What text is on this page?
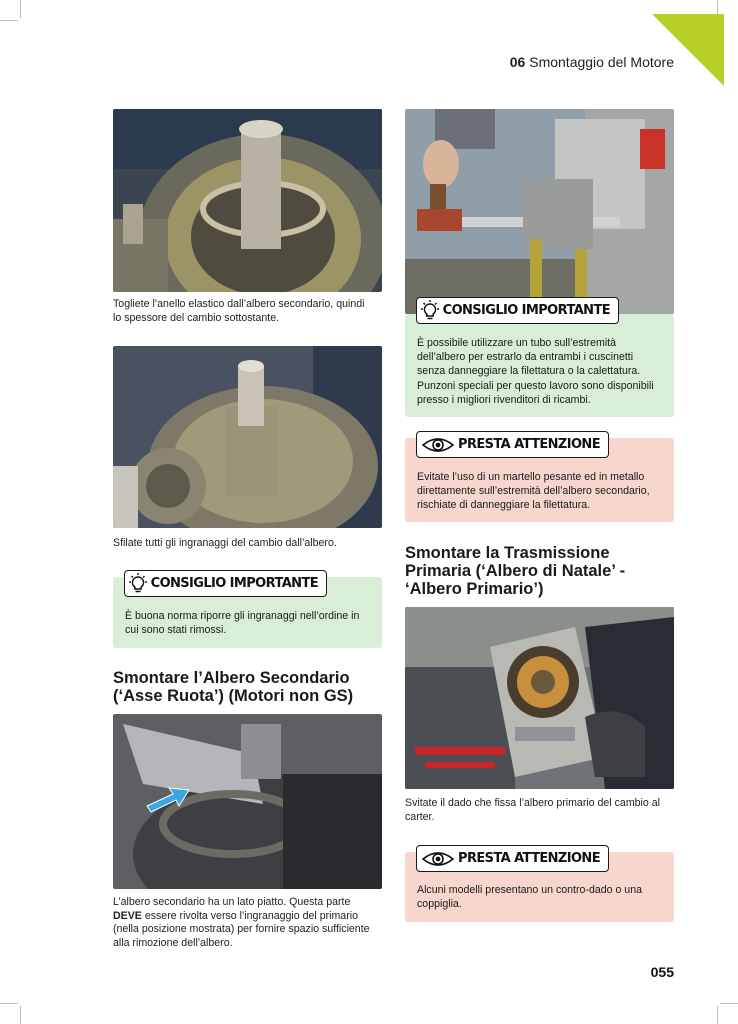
06 Smontaggio del Motore
Togliete l’anello elastico dall’albero secondario, quindi lo spessore del cambio sottostante.
Sfilate tutti gli ingranaggi del cambio dall’albero.
È buona norma riporre gli ingranaggi nell’ordine in cui sono stati rimossi.
CONSIGLIO IMPORTANTE
Smontare l’Albero Secondario (‘Asse Ruota’) (Motori non GS)
L’albero secondario ha un lato piatto. Questa parte DEVE essere rivolta verso l’ingranaggio del primario (nella posizione mostrata) per fornire spazio sufficiente alla rimozione dell’albero.
È possibile utilizzare un tubo sull’estremità dell’albero per estrarlo da entrambi i cuscinetti senza danneggiare la filettatura o la calettatura. Punzoni speciali per questo lavoro sono disponibili presso i migliori rivenditori di ricambi.
CONSIGLIO IMPORTANTE
Evitate l’uso di un martello pesante ed in metallo direttamente sull’estremità dell’albero secondario, rischiate di danneggiare la filettatura.
PRESTA ATTENZIONE
Smontare la Trasmissione Primaria (‘Albero di Natale’ - ‘Albero Primario’)
Svitate il dado che fissa l’albero primario del cambio al carter.
Alcuni modelli presentano un contro-dado o una coppiglia.
PRESTA ATTENZIONE
055
